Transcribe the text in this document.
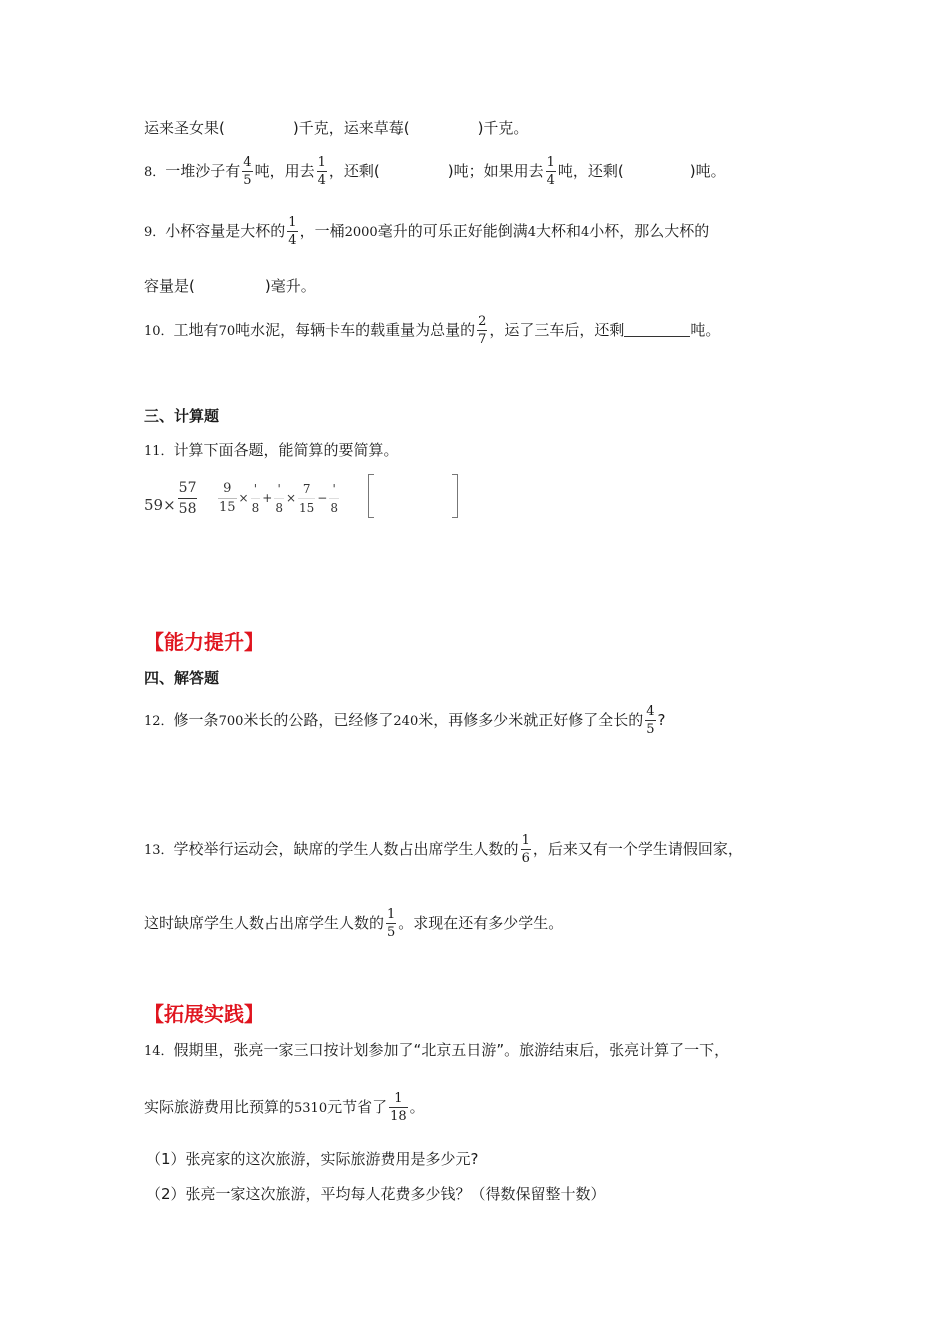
运来圣女果(	)千克，运来草莓(	)千克。
8．一堆沙子有 $\frac{4}{5}$ 吨，用去 $\frac{1}{4}$ ，还剩(	)吨；如果用去 $\frac{1}{4}$ 吨，还剩(	)吨。
9．小杯容量是大杯的 $\frac{1}{4}$ ，一桶2000毫升的可乐正好能倒满4大杯和4小杯，那么大杯的
容量是(	)毫升。
10．工地有70吨水泥，每辆卡车的载重量为总量的 $\frac{2}{7}$ ，运了三车后，还剩	吨。
三、计算题
11．计算下面各题，能简算的要简算。
$59\times \frac{57}{58} \frac{9}{15} \times \frac{'}{8} + \frac{'}{8} \times \frac{7}{15} - \frac{'}{8}$
【能力提升】
四、解答题
12．修一条700米长的公路，已经修了240米，再修多少米就正好修了全长的 $\frac{4}{5}$ ?
13．学校举行运动会，缺席的学生人数占出席学生人数的 $\frac{1}{6}$ ，后来又有一个学生请假回家，
这时缺席学生人数占出席学生人数的 $\frac{1}{5}$ 。求现在还有多少学生。
【拓展实践】
14．假期里，张亮一家三口按计划参加了“北京五日游”。旅游结束后，张亮计算了一下，
实际旅游费用比预算的5310元节省了 $\frac{1}{18}$ 。
（1）张亮家的这次旅游，实际旅游费用是多少元?
（2）张亮一家这次旅游，平均每人花费多少钱？（得数保留整十数）
